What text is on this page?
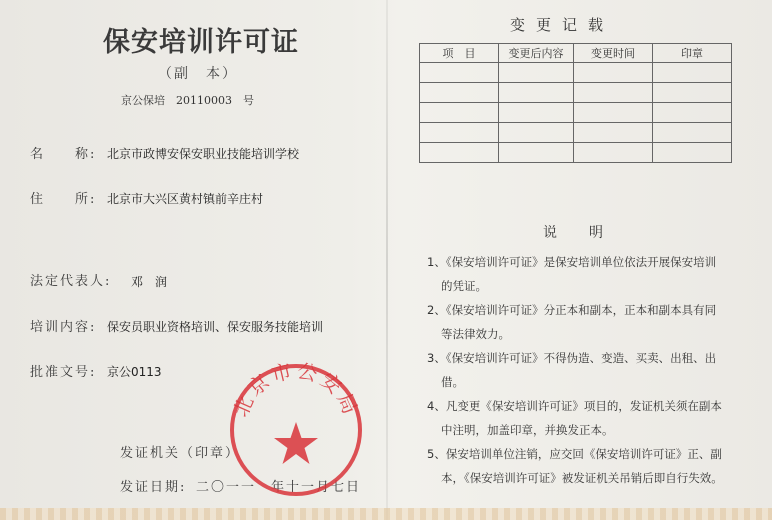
保安培训许可证
（副　本）
京公保培　20110003　号
名　　称: 北京市政博安保安职业技能培训学校
住　　所: 北京市大兴区黄村镇前辛庄村
法定代表人: 邓　润
培训内容: 保安员职业资格培训、保安服务技能培训
批准文号: 京公0113
发证机关（印章）
发证日期: 二〇一一　年十一月七日
北京市公安局
变更记载
项　目	变更后内容	变更时间	印章

说明
1、《保安培训许可证》是保安培训单位依法开展保安培训的凭证。
2、《保安培训许可证》分正本和副本，正本和副本具有同等法律效力。
3、《保安培训许可证》不得伪造、变造、买卖、出租、出借。
4、凡变更《保安培训许可证》项目的，发证机关须在副本中注明，加盖印章，并换发正本。
5、保安培训单位注销，应交回《保安培训许可证》正、副本，《保安培训许可证》被发证机关吊销后即自行失效。
